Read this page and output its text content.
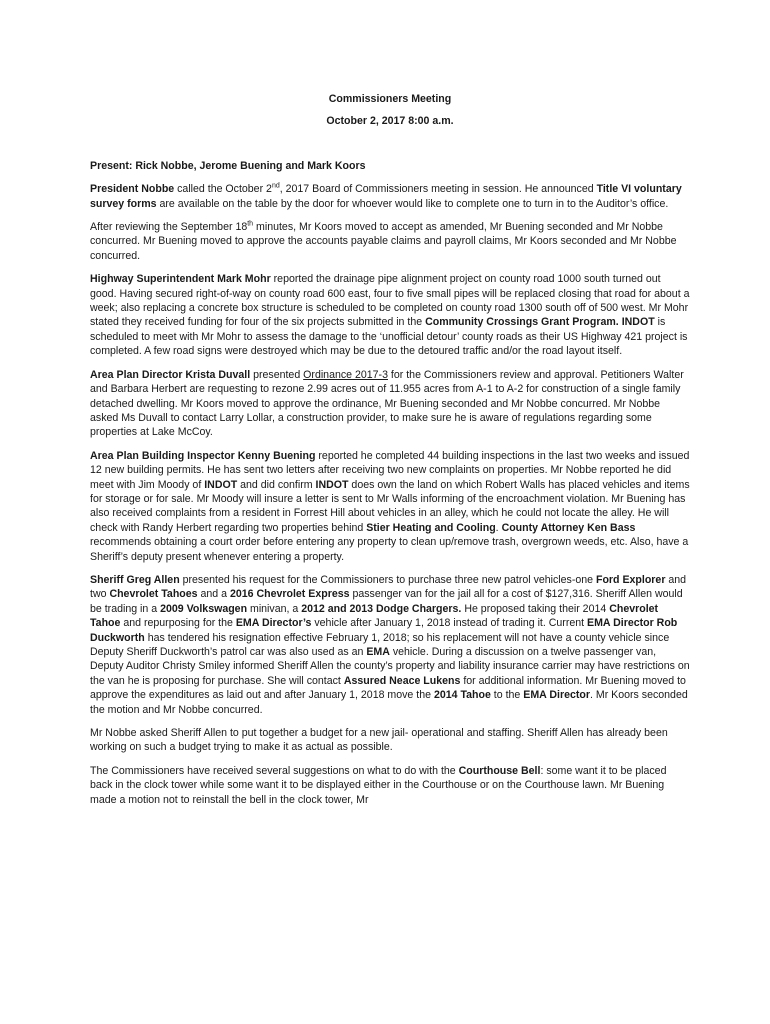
Commissioners Meeting

October 2, 2017 8:00 a.m.

Present: Rick Nobbe, Jerome Buening and Mark Koors

President Nobbe called the October 2nd, 2017 Board of Commissioners meeting in session. He announced Title VI voluntary survey forms are available on the table by the door for whoever would like to complete one to turn in to the Auditor’s office.

After reviewing the September 18th minutes, Mr Koors moved to accept as amended, Mr Buening seconded and Mr Nobbe concurred. Mr Buening moved to approve the accounts payable claims and payroll claims, Mr Koors seconded and Mr Nobbe concurred.

Highway Superintendent Mark Mohr reported the drainage pipe alignment project on county road 1000 south turned out good. Having secured right-of-way on county road 600 east, four to five small pipes will be replaced closing that road for about a week; also replacing a concrete box structure is scheduled to be completed on county road 1300 south off of 500 west. Mr Mohr stated they received funding for four of the six projects submitted in the Community Crossings Grant Program. INDOT is scheduled to meet with Mr Mohr to assess the damage to the ‘unofficial detour’ county roads as their US Highway 421 project is completed. A few road signs were destroyed which may be due to the detoured traffic and/or the road layout itself.

Area Plan Director Krista Duvall presented Ordinance 2017-3 for the Commissioners review and approval. Petitioners Walter and Barbara Herbert are requesting to rezone 2.99 acres out of 11.955 acres from A-1 to A-2 for construction of a single family detached dwelling. Mr Koors moved to approve the ordinance, Mr Buening seconded and Mr Nobbe concurred. Mr Nobbe asked Ms Duvall to contact Larry Lollar, a construction provider, to make sure he is aware of regulations regarding some properties at Lake McCoy.

Area Plan Building Inspector Kenny Buening reported he completed 44 building inspections in the last two weeks and issued 12 new building permits. He has sent two letters after receiving two new complaints on properties. Mr Nobbe reported he did meet with Jim Moody of INDOT and did confirm INDOT does own the land on which Robert Walls has placed vehicles and items for storage or for sale. Mr Moody will insure a letter is sent to Mr Walls informing of the encroachment violation. Mr Buening has also received complaints from a resident in Forrest Hill about vehicles in an alley, which he could not locate the alley. He will check with Randy Herbert regarding two properties behind Stier Heating and Cooling. County Attorney Ken Bass recommends obtaining a court order before entering any property to clean up/remove trash, overgrown weeds, etc. Also, have a Sheriff’s deputy present whenever entering a property.

Sheriff Greg Allen presented his request for the Commissioners to purchase three new patrol vehicles-one Ford Explorer and two Chevrolet Tahoes and a 2016 Chevrolet Express passenger van for the jail all for a cost of $127,316. Sheriff Allen would be trading in a 2009 Volkswagen minivan, a 2012 and 2013 Dodge Chargers. He proposed taking their 2014 Chevrolet Tahoe and repurposing for the EMA Director’s vehicle after January 1, 2018 instead of trading it. Current EMA Director Rob Duckworth has tendered his resignation effective February 1, 2018; so his replacement will not have a county vehicle since Deputy Sheriff Duckworth’s patrol car was also used as an EMA vehicle. During a discussion on a twelve passenger van, Deputy Auditor Christy Smiley informed Sheriff Allen the county’s property and liability insurance carrier may have restrictions on the van he is proposing for purchase. She will contact Assured Neace Lukens for additional information. Mr Buening moved to approve the expenditures as laid out and after January 1, 2018 move the 2014 Tahoe to the EMA Director. Mr Koors seconded the motion and Mr Nobbe concurred.

Mr Nobbe asked Sheriff Allen to put together a budget for a new jail- operational and staffing. Sheriff Allen has already been working on such a budget trying to make it as actual as possible.

The Commissioners have received several suggestions on what to do with the Courthouse Bell: some want it to be placed back in the clock tower while some want it to be displayed either in the Courthouse or on the Courthouse lawn. Mr Buening made a motion not to reinstall the bell in the clock tower, Mr
